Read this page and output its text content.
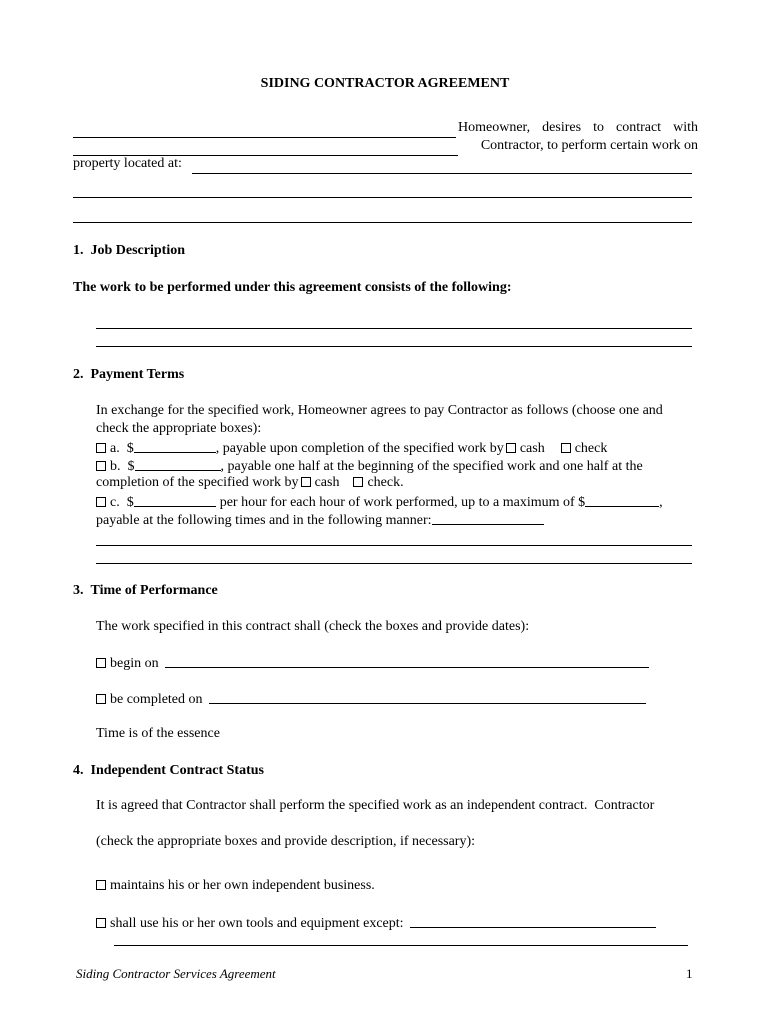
SIDING CONTRACTOR AGREEMENT
Homeowner, desires to contract with
Contractor, to perform certain work on
property located at:
1.  Job Description
The work to be performed under this agreement consists of the following:
2.  Payment Terms
In exchange for the specified work, Homeowner agrees to pay Contractor as follows (choose one and
check the appropriate boxes):
a.  $	, payable upon completion of the specified work by cash check
b.  $	, payable one half at the beginning of the specified work and one half at the
completion of the specified work by cash check.
c.  $	per hour for each hour of work performed, up to a maximum of $	,
payable at the following times and in the following manner:
3.  Time of Performance
The work specified in this contract shall (check the boxes and provide dates):
begin on
be completed on
Time is of the essence
4.  Independent Contract Status
It is agreed that Contractor shall perform the specified work as an independent contract.  Contractor
(check the appropriate boxes and provide description, if necessary):
maintains his or her own independent business.
shall use his or her own tools and equipment except:
Siding Contractor Services Agreement	1
